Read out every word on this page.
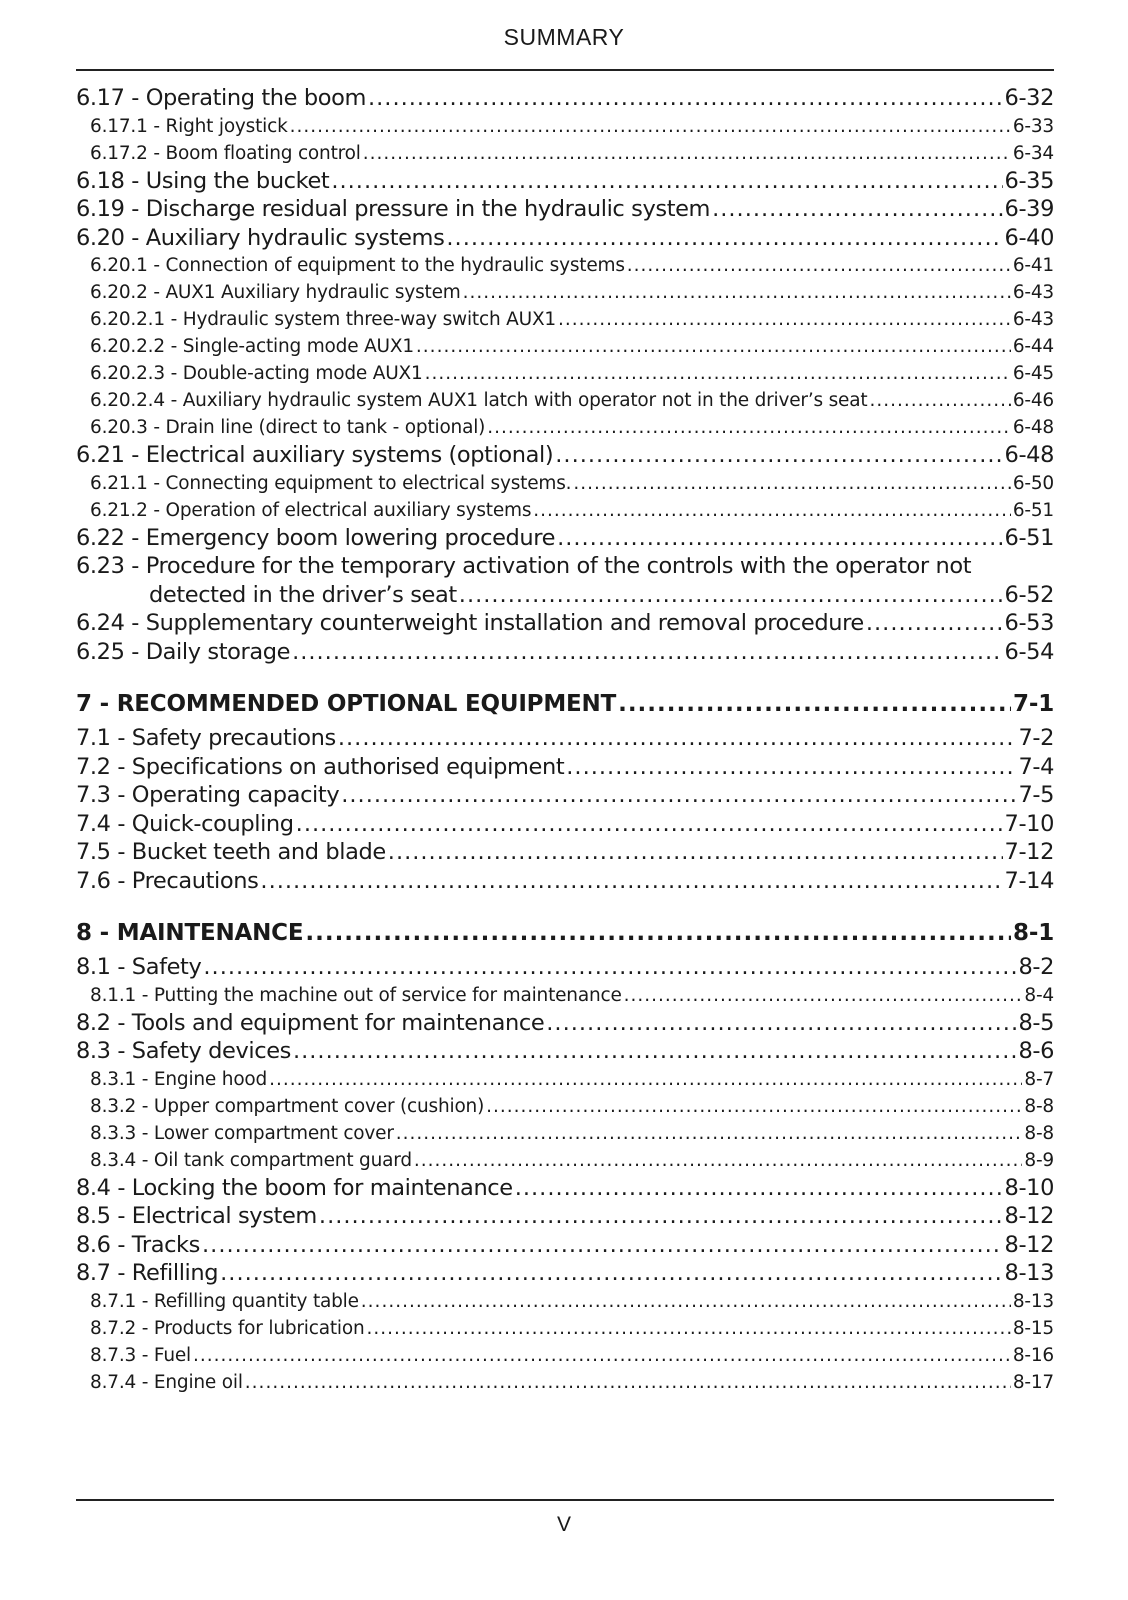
SUMMARY
6.17 - Operating the boom .....	6-32
6.17.1 - Right joystick .....	6-33
6.17.2 - Boom floating control .....	6-34
6.18 - Using the bucket .....	6-35
6.19 - Discharge residual pressure in the hydraulic system .....	6-39
6.20 - Auxiliary hydraulic systems .....	6-40
6.20.1 - Connection of equipment to the hydraulic systems .....	6-41
6.20.2 - AUX1 Auxiliary hydraulic system .....	6-43
6.20.2.1 - Hydraulic system three-way switch AUX1 .....	6-43
6.20.2.2 - Single-acting mode AUX1 .....	6-44
6.20.2.3 - Double-acting mode AUX1 .....	6-45
6.20.2.4 - Auxiliary hydraulic system AUX1 latch with operator not in the driver’s seat .....	6-46
6.20.3 - Drain line (direct to tank - optional) .....	6-48
6.21 - Electrical auxiliary systems (optional) .....	6-48
6.21.1 - Connecting equipment to electrical systems. .....	6-50
6.21.2 - Operation of electrical auxiliary systems .....	6-51
6.22 - Emergency boom lowering procedure .....	6-51
6.23 - Procedure for the temporary activation of the controls with the operator not
detected in the driver’s seat .....	6-52
6.24 - Supplementary counterweight installation and removal procedure .....	6-53
6.25 - Daily storage .....	6-54
7 - RECOMMENDED OPTIONAL EQUIPMENT .....	7-1
7.1 - Safety precautions .....	7-2
7.2 - Specifications on authorised equipment .....	7-4
7.3 - Operating capacity .....	7-5
7.4 - Quick-coupling .....	7-10
7.5 - Bucket teeth and blade .....	7-12
7.6 - Precautions .....	7-14
8 - MAINTENANCE .....	8-1
8.1 - Safety .....	8-2
8.1.1 - Putting the machine out of service for maintenance .....	8-4
8.2 - Tools and equipment for maintenance .....	8-5
8.3 - Safety devices .....	8-6
8.3.1 - Engine hood .....	8-7
8.3.2 - Upper compartment cover (cushion) .....	8-8
8.3.3 - Lower compartment cover .....	8-8
8.3.4 - Oil tank compartment guard .....	8-9
8.4 - Locking the boom for maintenance .....	8-10
8.5 - Electrical system .....	8-12
8.6 - Tracks .....	8-12
8.7 - Refilling .....	8-13
8.7.1 - Refilling quantity table .....	8-13
8.7.2 - Products for lubrication .....	8-15
8.7.3 - Fuel .....	8-16
8.7.4 - Engine oil .....	8-17
V
